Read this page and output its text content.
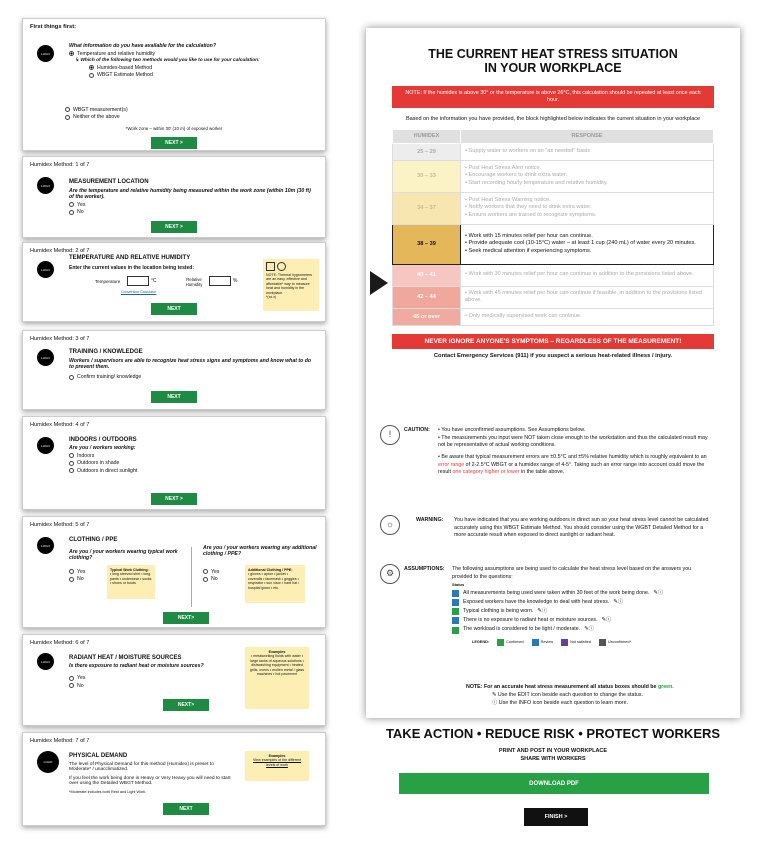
First things first:
LOGO
What information do you have available for the calculation?
Temperature and relative humidity
↳ Which of the following two methods would you like to use for your calculation:
Humidex-based Method
WBGT Estimate Method
WBGT measurement(s)
Neither of the above
*Work zone – within 30' (10 m) of exposed worker
NEXT >
Humidex Method: 1 of 7
LOGO
MEASUREMENT LOCATION
Are the temperature and relative humidity being measured within the work zone (within 10m (30 ft) of the worker).
Yes
No
NEXT >
Humidex Method: 2 of 7
LOGO
TEMPERATURE AND RELATIVE HUMIDITY
Enter the current values in the location being tested:
Temperature	°C
Conversion Calculator
Relative Humidity
%
NOTE: Thermal hygrometers are an easy, effective and affordable* way to measure heat and humidity in the workplace.
*(xx.x)
NEXT
Humidex Method: 3 of 7
LOGO
TRAINING / KNOWLEDGE
Workers / supervisors are able to recognize heat stress signs and symptoms and know what to do to prevent them.
Confirm training/ knowledge
NEXT
Humidex Method: 4 of 7
LOGO
INDOORS / OUTDOORS
Are you / workers working:
Indoors
Outdoors in shade
Outdoors in direct sunlight
NEXT >
Humidex Method: 5 of 7
LOGO
CLOTHING / PPE
Are you / your workers wearing typical work clothing?
Are you / your workers wearing any additional clothing / PPE?
Yes
No
Typical Work Clothing:
• long sleeved shirt • long pants • underwear • socks • shoes or boots
Yes
No
Additional Clothing / PPE:
• gloves • apron • jacket • coveralls • facemask • goggles • respirator • sun visor • hard hat / hospital gown • etc.
NEXT>
Humidex Method: 6 of 7
LOGO
RADIANT HEAT / MOISTURE SOURCES
Is there exposure to radiant heat or moisture sources?
Yes
No
Examples
• metalworking fluids with water • large tanks of aqueous solutions • dishwashing equipment • heated grills, ovens • molten metal / glass machines • hot pavement
NEXT>
Humidex Method: 7 of 7
LOGO
PHYSICAL DEMAND
The level of Physical Demand for this method (Humidex) is preset to Moderate* / unacclimatized.
If you feel the work being done is Heavy or Very Heavy you will need to start over using the Detailed WBGT Method.
*Moderate includes both Rest and Light Work.
Examples
View examples of the different levels of work
NEXT
THE CURRENT HEAT STRESS SITUATION
IN YOUR WORKPLACE
NOTE: If the humidex is above 30° or the temperature is above 26°C, this calculation should be repeated at least once each hour.
Based on the information you have provided, the block highlighted below indicates the current situation in your workplace
HUMIDEX	RESPONSE
25 – 29	• Supply water to workers on an "as needed" basis
30 – 33	• Post Heat Stress Alert notice.
• Encourage workers to drink extra water.
• Start recording hourly temperature and relative humidity.
34 – 37	• Post Heat Stress Warning notice.
• Notify workers that they need to drink extra water.
• Ensure workers are trained to recognize symptoms.
38 – 39	• Work with 15 minutes relief per hour can continue.
• Provide adequate cool (10-15°C) water – at least 1 cup (240 mL) of water every 20 minutes.
• Seek medical attention if experiencing symptoms.
40 – 41	• Work with 30 minutes relief per hour can continue in addition to the provisions listed above.
42 – 44	• Work with 45 minutes relief per hour can continue if feasible, in addition to the provisions listed above.
45 or over	• Only medically supervised work can continue.
NEVER IGNORE ANYONE'S SYMPTOMS – REGARDLESS OF THE MEASUREMENT!
Contact Emergency Services (911) if you suspect a serious heat-related illness / injury.
!	CAUTION: • You have unconfirmed assumptions. See Assumptions below.
• The measurements you input were NOT taken close enough to the workstation and thus the calculated result may not be representative of actual working conditions.
• Be aware that typical measurement errors are ±0.5°C and ±5% relative humidity which is roughly equivalent to an error range of 2-2.5°C WBGT or a humidex range of 4-5°. Taking such an error range into account could move the result one category higher or lower in the table above.
☼	WARNING: You have indicated that you are working outdoors in direct sun so your heat stress level cannot be calculated accurately using this WBGT Estimate Method. You should consider using the WGBT Detailed Method for a more accurate result when exposed to direct sunlight or radiant heat.
⚙	ASSUMPTIONS: The following assumptions are being used to calculate the heat stress level based on the answers you provided to the questions:
Status
All measurements being used were taken within 30 feet of the work being done. ✎ⓘ
Exposed workers have the knowledge to deal with heat stress. ✎ⓘ
Typical clothing is being worn. ✎ⓘ
There is no exposure to radiant heat or moisture sources. ✎ⓘ
The workload is considered to be light / moderate. ✎ⓘ
LEGEND:	Confirmed	Review	Not satisfied	Unconfirmed*
NOTE: For an accurate heat stress measurement all status boxes should be green.
✎ Use the EDIT icon beside each question to change the status.
ⓘ Use the INFO icon beside each question to learn more.
TAKE ACTION • REDUCE RISK • PROTECT WORKERS
PRINT AND POST IN YOUR WORKPLACE
SHARE WITH WORKERS
DOWNLOAD PDF
FINISH >
